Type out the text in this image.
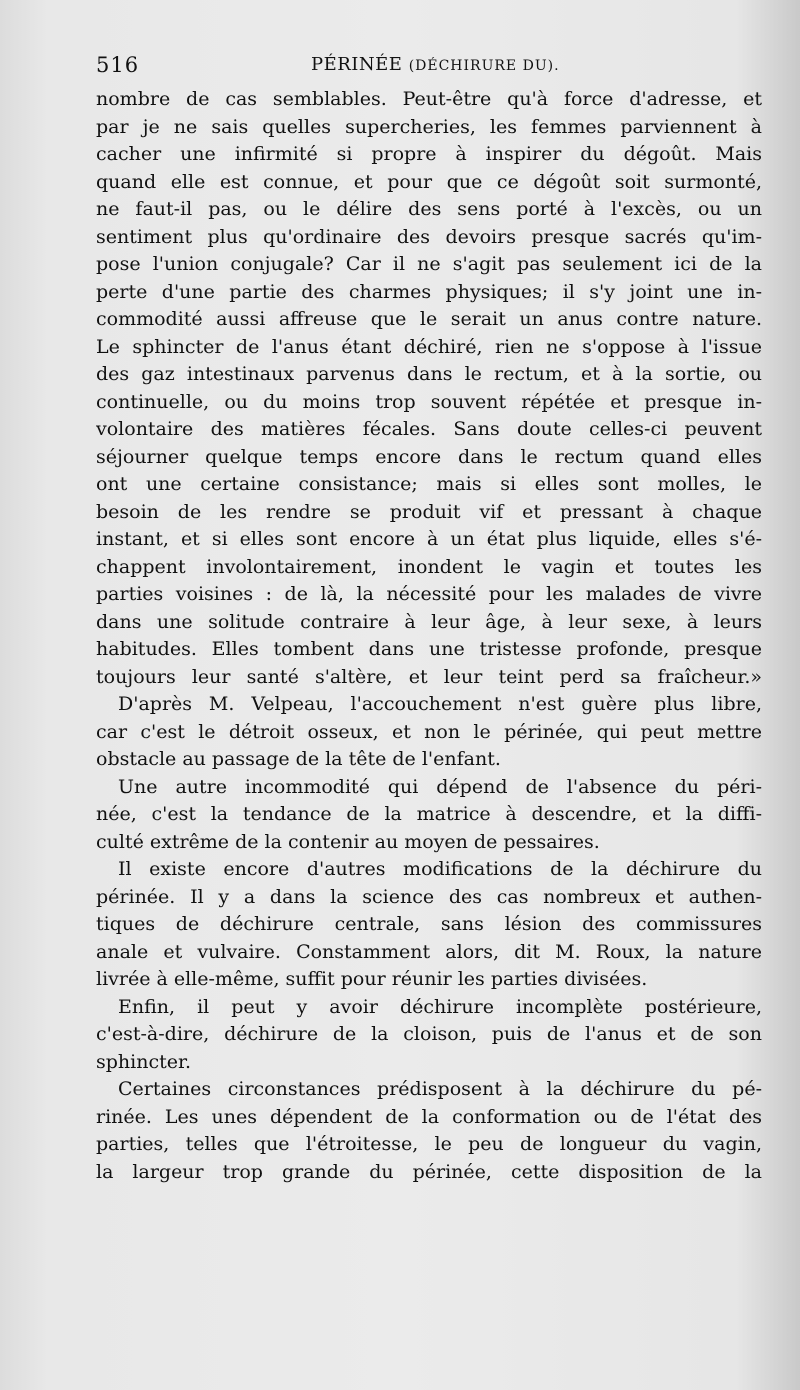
516	PÉRINÉE (DÉCHIRURE DU).
nombre de cas semblables. Peut-être qu'à force d'adresse, et
par je ne sais quelles supercheries, les femmes parviennent à
cacher une infirmité si propre à inspirer du dégoût. Mais
quand elle est connue, et pour que ce dégoût soit surmonté,
ne faut-il pas, ou le délire des sens porté à l'excès, ou un
sentiment plus qu'ordinaire des devoirs presque sacrés qu'im-
pose l'union conjugale? Car il ne s'agit pas seulement ici de la
perte d'une partie des charmes physiques; il s'y joint une in-
commodité aussi affreuse que le serait un anus contre nature.
Le sphincter de l'anus étant déchiré, rien ne s'oppose à l'issue
des gaz intestinaux parvenus dans le rectum, et à la sortie, ou
continuelle, ou du moins trop souvent répétée et presque in-
volontaire des matières fécales. Sans doute celles-ci peuvent
séjourner quelque temps encore dans le rectum quand elles
ont une certaine consistance; mais si elles sont molles, le
besoin de les rendre se produit vif et pressant à chaque
instant, et si elles sont encore à un état plus liquide, elles s'é-
chappent involontairement, inondent le vagin et toutes les
parties voisines : de là, la nécessité pour les malades de vivre
dans une solitude contraire à leur âge, à leur sexe, à leurs
habitudes. Elles tombent dans une tristesse profonde, presque
toujours leur santé s'altère, et leur teint perd sa fraîcheur.»
D'après M. Velpeau, l'accouchement n'est guère plus libre,
car c'est le détroit osseux, et non le périnée, qui peut mettre
obstacle au passage de la tête de l'enfant.
Une autre incommodité qui dépend de l'absence du péri-
née, c'est la tendance de la matrice à descendre, et la diffi-
culté extrême de la contenir au moyen de pessaires.
Il existe encore d'autres modifications de la déchirure du
périnée. Il y a dans la science des cas nombreux et authen-
tiques de déchirure centrale, sans lésion des commissures
anale et vulvaire. Constamment alors, dit M. Roux, la nature
livrée à elle-même, suffit pour réunir les parties divisées.
Enfin, il peut y avoir déchirure incomplète postérieure,
c'est-à-dire, déchirure de la cloison, puis de l'anus et de son
sphincter.
Certaines circonstances prédisposent à la déchirure du pé-
rinée. Les unes dépendent de la conformation ou de l'état des
parties, telles que l'étroitesse, le peu de longueur du vagin,
la largeur trop grande du périnée, cette disposition de la
